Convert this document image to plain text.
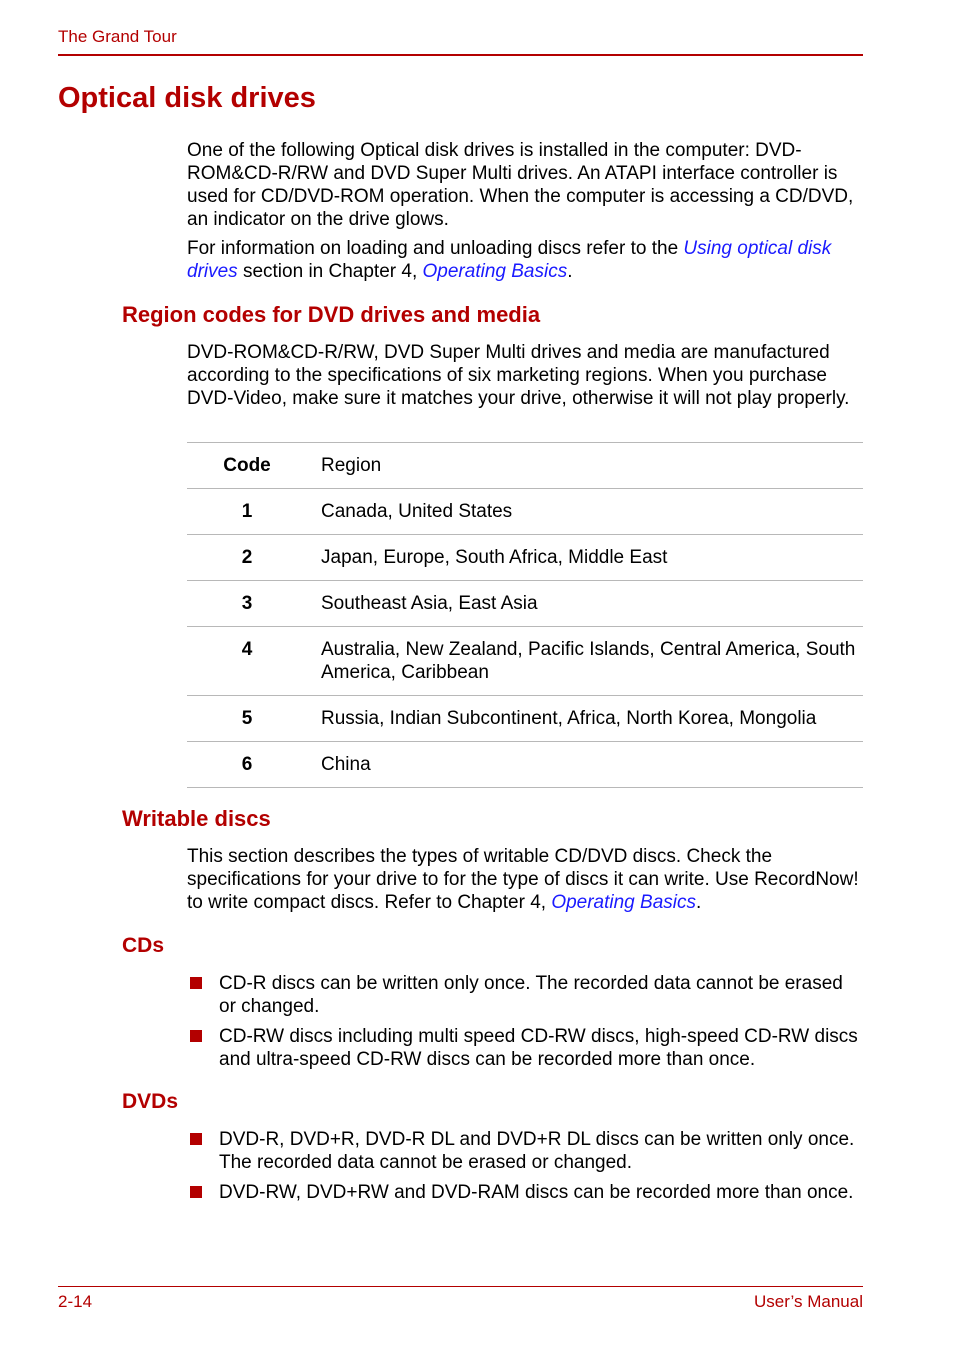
The Grand Tour
Optical disk drives

One of the following Optical disk drives is installed in the computer: DVD-ROM&CD-R/RW and DVD Super Multi drives. An ATAPI interface controller is used for CD/DVD-ROM operation. When the computer is accessing a CD/DVD, an indicator on the drive glows.

For information on loading and unloading discs refer to the Using optical disk drives section in Chapter 4, Operating Basics.

Region codes for DVD drives and media

DVD-ROM&CD-R/RW, DVD Super Multi drives and media are manufactured according to the specifications of six marketing regions. When you purchase DVD-Video, make sure it matches your drive, otherwise it will not play properly.

Code	Region
1	Canada, United States
2	Japan, Europe, South Africa, Middle East
3	Southeast Asia, East Asia
4	Australia, New Zealand, Pacific Islands, Central America, South America, Caribbean
5	Russia, Indian Subcontinent, Africa, North Korea, Mongolia
6	China
Writable discs

This section describes the types of writable CD/DVD discs. Check the specifications for your drive to for the type of discs it can write. Use RecordNow! to write compact discs. Refer to Chapter 4, Operating Basics.

CDs
CD-R discs can be written only once. The recorded data cannot be erased or changed.
CD-RW discs including multi speed CD-RW discs, high-speed CD-RW discs and ultra-speed CD-RW discs can be recorded more than once.
DVDs
DVD-R, DVD+R, DVD-R DL and DVD+R DL discs can be written only once. The recorded data cannot be erased or changed.
DVD-RW, DVD+RW and DVD-RAM discs can be recorded more than once.
2-14	User’s Manual
